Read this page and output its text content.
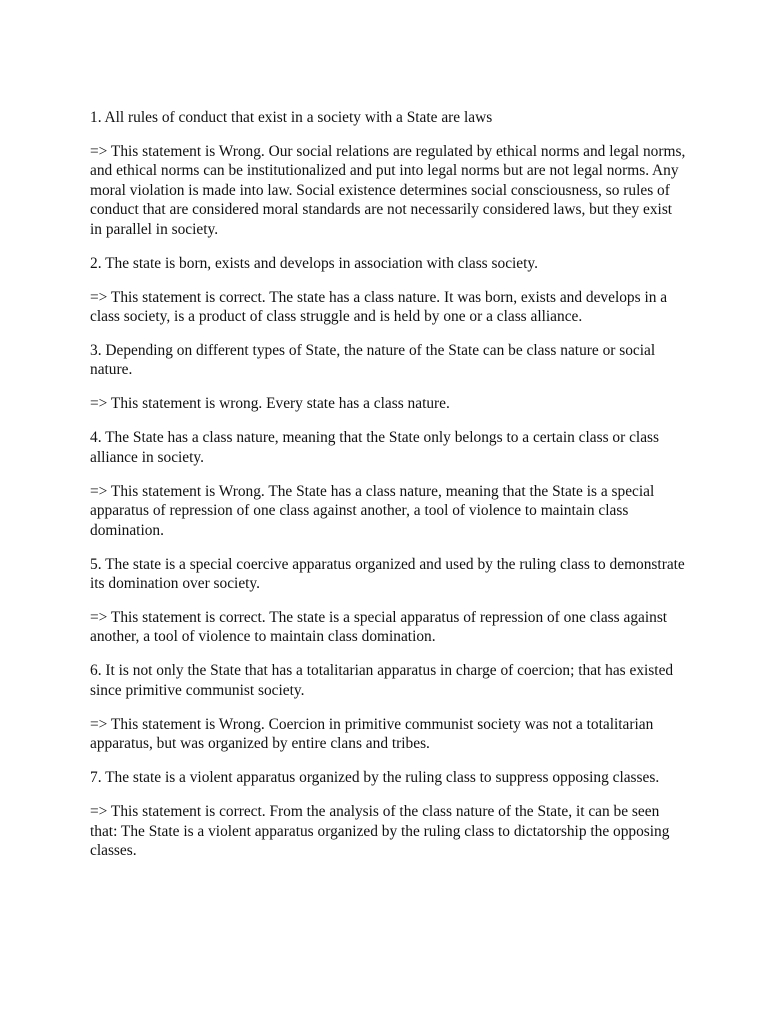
1. All rules of conduct that exist in a society with a State are laws

=> This statement is Wrong. Our social relations are regulated by ethical norms and legal norms, and ethical norms can be institutionalized and put into legal norms but are not legal norms. Any moral violation is made into law. Social existence determines social consciousness, so rules of conduct that are considered moral standards are not necessarily considered laws, but they exist in parallel in society.

2. The state is born, exists and develops in association with class society.

=> This statement is correct. The state has a class nature. It was born, exists and develops in a class society, is a product of class struggle and is held by one or a class alliance.

3. Depending on different types of State, the nature of the State can be class nature or social nature.

=> This statement is wrong. Every state has a class nature.

4. The State has a class nature, meaning that the State only belongs to a certain class or class alliance in society.

=> This statement is Wrong. The State has a class nature, meaning that the State is a special apparatus of repression of one class against another, a tool of violence to maintain class domination.

5. The state is a special coercive apparatus organized and used by the ruling class to demonstrate its domination over society.

=> This statement is correct. The state is a special apparatus of repression of one class against another, a tool of violence to maintain class domination.

6. It is not only the State that has a totalitarian apparatus in charge of coercion; that has existed since primitive communist society.

=> This statement is Wrong. Coercion in primitive communist society was not a totalitarian apparatus, but was organized by entire clans and tribes.

7. The state is a violent apparatus organized by the ruling class to suppress opposing classes.

=> This statement is correct. From the analysis of the class nature of the State, it can be seen that: The State is a violent apparatus organized by the ruling class to dictatorship the opposing classes.
